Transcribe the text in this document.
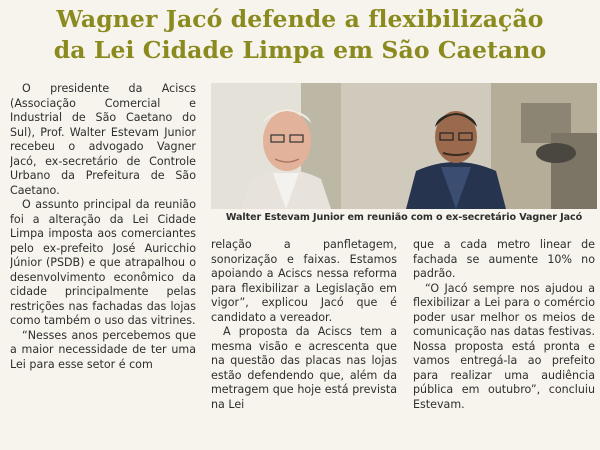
Wagner Jacó defende a flexibilização
da Lei Cidade Limpa em São Caetano

O presidente da Aciscs (Associação Comercial e Industrial de São Caetano do Sul), Prof. Walter Estevam Junior recebeu o advogado Vagner Jacó, ex-secretário de Controle Urbano da Prefeitura de São Caetano.

O assunto principal da reunião foi a alteração da Lei Cidade Limpa imposta aos comerciantes pelo ex-prefeito José Auricchio Júnior (PSDB) e que atrapalhou o desenvolvimento econômico da cidade principalmente pelas restrições nas fachadas das lojas como também o uso das vitrines.

“Nesses anos percebemos que a maior necessidade de ter uma Lei para esse setor é com

Walter Estevam Junior em reunião com o ex-secretário Vagner Jacó

relação a panfletagem, sonorização e faixas. Estamos apoiando a Aciscs nessa reforma para flexibilizar a Legislação em vigor”, explicou Jacó que é candidato a vereador.

A proposta da Aciscs tem a mesma visão e acrescenta que na questão das placas nas lojas estão defendendo que, além da metragem que hoje está prevista na Lei

que a cada metro linear de fachada se aumente 10% no padrão.

“O Jacó sempre nos ajudou a flexibilizar a Lei para o comércio poder usar melhor os meios de comunicação nas datas festivas. Nossa proposta está pronta e vamos entregá-la ao prefeito para realizar uma audiência pública em outubro”, concluiu Estevam.
